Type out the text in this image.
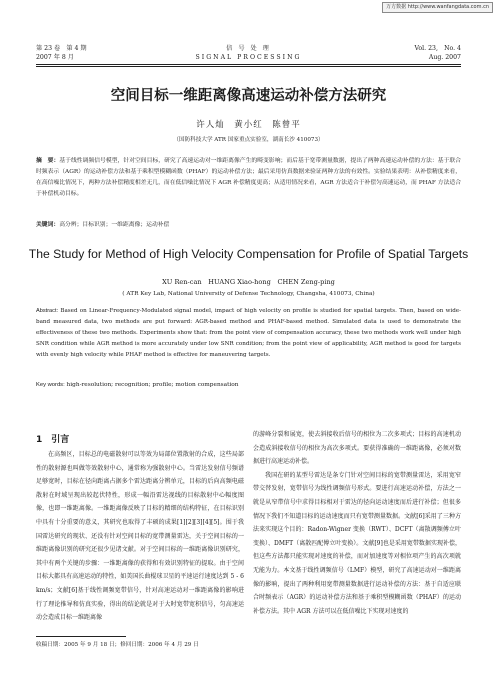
万方数据 http://www.wanfangdata.com.cn
第 23 卷　第 4 期
2007 年 8 月
信 号 处 理
SIGNAL PROCESSING
Vol. 23,　No. 4
Aug. 2007
空间目标一维距离像高速运动补偿方法研究
许人灿　黄小红　陈曾平
（国防科技大学 ATR 国家重点实验室，湖南长沙 410073）
摘　要：基于线性调频信号模型，针对空间目标，研究了高速运动对一维距离像产生的畸变影响；而后基于宽带测量数据，提出了两种高速运动补偿的方法：基于联合时频表示（AGR）的运动补偿方法和基于乘积型模糊函数（PHAF）的运动补偿方法；最后采用仿真数据来验证两种方法的有效性。实验结果表明：从补偿精度来看，在高信噪比情况下，两种方法补偿精度相差无几，而在低信噪比情况下 AGR 补偿精度更高；从适用情况来看，AGR 方法适合于补偿匀高速运动，而 PHAF 方法适合于补偿机动目标。
关键词：高分辨；目标识别；一维距离像；运动补偿
The Study for Method of High Velocity Compensation for Profile of Spatial Targets
XU Ren-can　HUANG Xiao-hong　CHEN Zeng-ping
( ATR Key Lab, National University of Defense Technology, Changsha, 410073, China)
Abstract: Based on Linear-Frequency-Modulated signal model, impact of high velocity on profile is studied for spatial targets. Then, based on wide-band measured data, two methods are put forward: AGR-based method and PHAF-based method. Simulated data is used to demonstrate the effectiveness of these two methods. Experiments show that: from the point view of compensation accuracy, these two methods work well under high SNR condition while AGR method is more accurately under low SNR condition; from the point view of applicability, AGR method is good for targets with evenly high velocity while PHAF method is effective for maneuvering targets.
Key words: high-resolution; recognition; profile; motion compensation
1　引言

在高频区，目标总的电磁散射可以等效为局部位置散射的合成，这些局部性的散射源也叫做等效散射中心，通常称为强散射中心。当雷达发射信号频谱足够宽时，目标在径向距离占据多个雷达距离分辨单元，目标的后向高频电磁散射在时域呈现出较起伏特性，形成一幅沿雷达视线的目标散射中心幅度图像，也即一维距离像。一维距离像反映了目标的精细的结构特征，在目标识别中具有十分重要的意义，其研究也取得了丰硕的成果[1][2][3][4][5]。围于我国雷达研究的现状、还没有针对空间目标的宽带测量雷达，关于空间目标的一维距离像识别的研究还很少见诸文献。对于空间目标的一维距离像识别研究，其中有两个关键的步骤：一维距离像的获得和有效识别特征的提取。由于空间目标大都具有高速运动的特性，如美国长曲棍球卫星的平速运行速度达到 5 - 6 km/s；文献[6]基于线性调频宽带信号，针对高速运动对一维距离像的影响进行了理论推导和仿真实验，得出的结论就是对于大时宽带宽积信号，匀高速运动会造成目标一维距离像

的游峰分裂和展宽，使去斜接收后信号的相位为二次多项式；目标的高速机动会造成斜接收信号的相位为高次多项式。要获得准确的一维距离像，必须对数据进行高速运动补偿。

我国在研的某型号雷达是条专门针对空间目标的宽带测量雷达，采用宽窄带交替发射，宽带信号为线性调频信号形式。要进行高速运动补偿，方法之一就是从窄带信号中求得目标相对于雷达的径向运动速度而后进行补偿；但很多情况下我们不知道目标的运动速度而只有宽带测量数据。文献[6]采用了三种方法来实现这个目的：Radon-Wigner 变换（RWT）、DCFT（离散调频傅立叶变换）、DMFT（离散匹配傅立叶变换）。文献[9]也是采用宽带数据实现补偿，但这些方法都只能实现对速度的补偿，而对加速度等对相位项产生的高次项就无能为力。本文基于线性调频信号（LMF）模型，研究了高速运动对一维距离像的影响，提出了两种利用宽带测量数据进行运动补偿的方法：基于自适应联合时频表示（AGR）的运动补偿方法和基于乘积型模糊函数（PHAF）的运动补偿方法。其中 AGR 方法可以在低信噪比下实现对速度的

收稿日期：2005 年 9 月 18 日；修回日期：2006 年 4 月 29 日
